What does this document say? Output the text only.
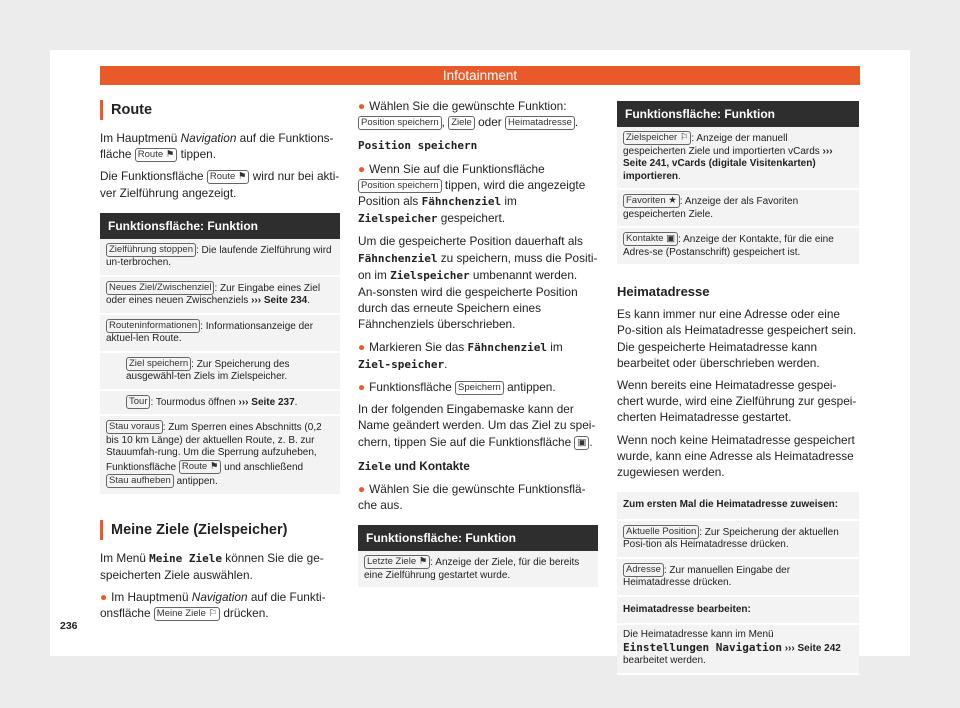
Infotainment
Route

Im Hauptmenü Navigation auf die Funktions-fläche Route ⚑ tippen.

Die Funktionsfläche Route ⚑ wird nur bei akti-ver Zielführung angezeigt.

Funktionsfläche: Funktion
Zielführung stoppen : Die laufende Zielführung wird un-terbrochen.
Neues Ziel/Zwischenziel : Zur Eingabe eines Ziel oder eines neuen Zwischenziels ››› Seite 234.
Routeninformationen : Informationsanzeige der aktuel-len Route.
Ziel speichern : Zur Speicherung des ausgewähl-ten Ziels im Zielspeicher.
Tour : Tourmodus öffnen ››› Seite 237.
Stau voraus : Zum Sperren eines Abschnitts (0,2 bis 10 km Länge) der aktuellen Route, z. B. zur Stauumfah-rung. Um die Sperrung aufzuheben, Funktionsfläche Route ⚑ und anschließend Stau aufheben antippen.
Meine Ziele (Zielspeicher)

Im Menü Meine Ziele können Sie die ge-speicherten Ziele auswählen.

● Im Hauptmenü Navigation auf die Funkti-onsfläche Meine Ziele ⚐ drücken.

● Wählen Sie die gewünschte Funktion:
Position speichern , Ziele oder Heimatadresse .

Position speichern

● Wenn Sie auf die Funktionsfläche Position speichern tippen, wird die angezeigte Position als Fähnchenziel im Zielspeicher gespeichert.

Um die gespeicherte Position dauerhaft als Fähnchenziel zu speichern, muss die Positi-on im Zielspeicher umbenannt werden. An-sonsten wird die gespeicherte Position durch das erneute Speichern eines Fähnchenziels überschrieben.

● Markieren Sie das Fähnchenziel im Ziel-speicher.

● Funktionsfläche Speichern antippen.

In der folgenden Eingabemaske kann der Name geändert werden. Um das Ziel zu spei-chern, tippen Sie auf die Funktionsfläche ▣ .

Ziele und Kontakte

● Wählen Sie die gewünschte Funktionsflä-che aus.

Funktionsfläche: Funktion
Letzte Ziele ⚑ : Anzeige der Ziele, für die bereits eine Zielführung gestartet wurde.
Funktionsfläche: Funktion
Zielspeicher ⚐ : Anzeige der manuell gespeicherten Ziele und importierten vCards ››› Seite 241, vCards (digitale Visitenkarten) importieren.
Favoriten ★ : Anzeige der als Favoriten gespeicherten Ziele.
Kontakte ▣ : Anzeige der Kontakte, für die eine Adres-se (Postanschrift) gespeichert ist.
Heimatadresse

Es kann immer nur eine Adresse oder eine Po-sition als Heimatadresse gespeichert sein. Die gespeicherte Heimatadresse kann bearbeitet oder überschrieben werden.

Wenn bereits eine Heimatadresse gespei-chert wurde, wird eine Zielführung zur gespei-cherten Heimatadresse gestartet.

Wenn noch keine Heimatadresse gespeichert wurde, kann eine Adresse als Heimatadresse zugewiesen werden.

Zum ersten Mal die Heimatadresse zuweisen:
Aktuelle Position : Zur Speicherung der aktuellen Posi-tion als Heimatadresse drücken.
Adresse : Zur manuellen Eingabe der Heimatadresse drücken.
Heimatadresse bearbeiten:
Die Heimatadresse kann im Menü Einstellungen Navigation ››› Seite 242 bearbeitet werden.
236
